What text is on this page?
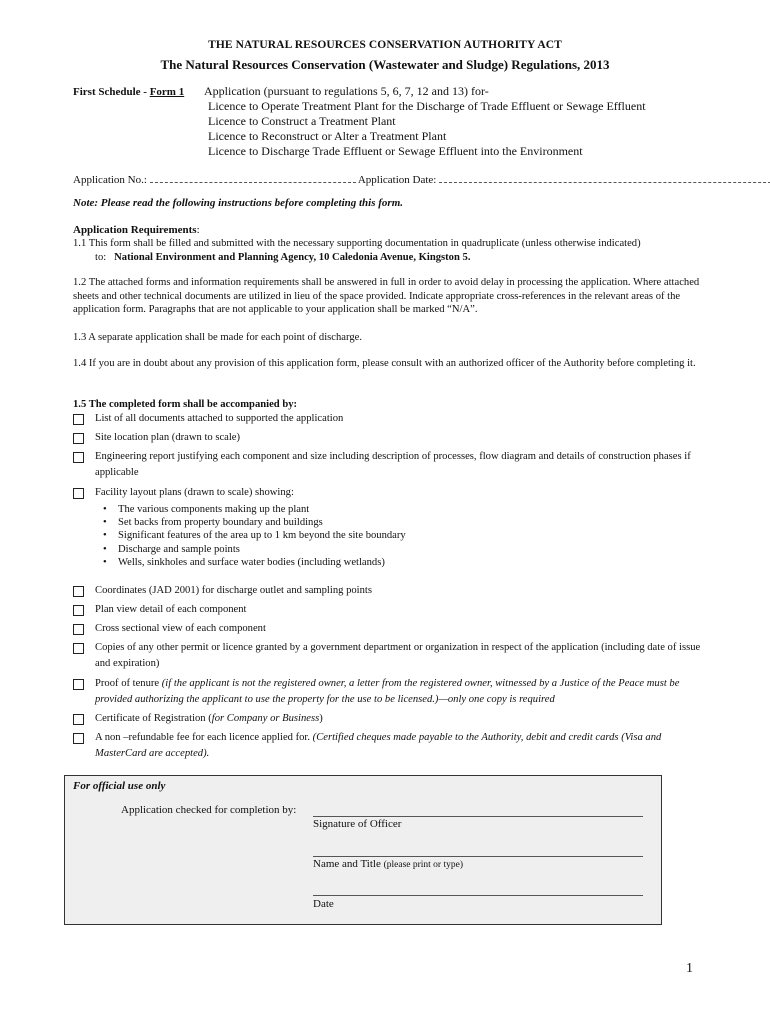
THE NATURAL RESOURCES CONSERVATION AUTHORITY ACT
The Natural Resources Conservation (Wastewater and Sludge) Regulations, 2013
First Schedule - Form 1 Application (pursuant to regulations 5, 6, 7, 12 and 13) for-
Licence to Operate Treatment Plant for the Discharge of Trade Effluent or Sewage Effluent
Licence to Construct a Treatment Plant
Licence to Reconstruct or Alter a Treatment Plant
Licence to Discharge Trade Effluent or Sewage Effluent into the Environment
Application No.:	Application Date:
Note: Please read the following instructions before completing this form.
Application Requirements:
1.1 This form shall be filled and submitted with the necessary supporting documentation in quadruplicate (unless otherwise indicated)
to: National Environment and Planning Agency, 10 Caledonia Avenue, Kingston 5.
1.2 The attached forms and information requirements shall be answered in full in order to avoid delay in processing the application. Where attached sheets and other technical documents are utilized in lieu of the space provided. Indicate appropriate cross-references in the relevant areas of the application form. Paragraphs that are not applicable to your application shall be marked “N/A”.
1.3 A separate application shall be made for each point of discharge.
1.4 If you are in doubt about any provision of this application form, please consult with an authorized officer of the Authority before completing it.
1.5 The completed form shall be accompanied by:
List of all documents attached to supported the application
Site location plan (drawn to scale)
Engineering report justifying each component and size including description of processes, flow diagram and details of construction phases if applicable
Facility layout plans (drawn to scale) showing:
• The various components making up the plant
• Set backs from property boundary and buildings
• Significant features of the area up to 1 km beyond the site boundary
• Discharge and sample points
• Wells, sinkholes and surface water bodies (including wetlands)
Coordinates (JAD 2001) for discharge outlet and sampling points
Plan view detail of each component
Cross sectional view of each component
Copies of any other permit or licence granted by a government department or organization in respect of the application (including date of issue and expiration)
Proof of tenure (if the applicant is not the registered owner, a letter from the registered owner, witnessed by a Justice of the Peace must be provided authorizing the applicant to use the property for the use to be licensed.)—only one copy is required
Certificate of Registration (for Company or Business)
A non –refundable fee for each licence applied for. (Certified cheques made payable to the Authority, debit and credit cards (Visa and MasterCard are accepted).
For official use only
Application checked for completion by:
Signature of Officer
Name and Title (please print or type)
Date
1
